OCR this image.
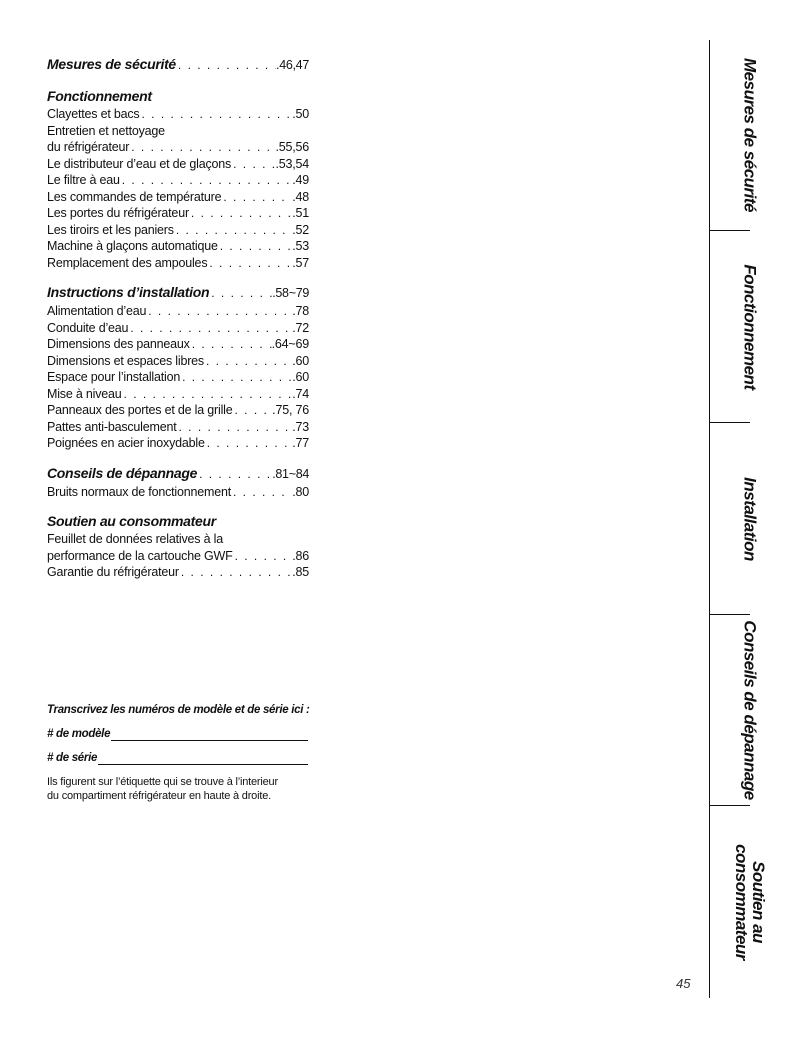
Mesures de sécurité . . .	.46,47
Fonctionnement
Clayettes et bacs . . .	.50
Entretien et nettoyage
du réfrigérateur . . .	.55,56
Le distributeur d’eau et de glaçons . . .	.53,54
Le filtre à eau . . .	.49
Les commandes de température . . .	.48
Les portes du réfrigérateur . . .	.51
Les tiroirs et les paniers . . .	.52
Machine à glaçons automatique . . .	.53
Remplacement des ampoules . . .	.57
Instructions d’installation . . .	.58~79
Alimentation d’eau . . .	.78
Conduite d’eau . . .	.72
Dimensions des panneaux . . .	.64~69
Dimensions et espaces libres . . .	.60
Espace pour l’installation . . .	.60
Mise à niveau . . .	.74
Panneaux des portes et de la grille . . .	.75, 76
Pattes anti-basculement . . .	.73
Poignées en acier inoxydable . . .	.77
Conseils de dépannage . . .	.81~84
Bruits normaux de fonctionnement . . .	.80
Soutien au consommateur
Feuillet de données relatives à la
performance de la cartouche GWF . . .	.86
Garantie du réfrigérateur . . .	.85
Transcrivez les numéros de modèle et de série ici :
# de modèle
# de série
Ils figurent sur l’étiquette qui se trouve à l’interieur
du compartiment réfrigérateur en haute à droite.
Mesures de sécurité
Fonctionnement
Installation
Conseils de dépannage
Soutien au
consommateur
45
